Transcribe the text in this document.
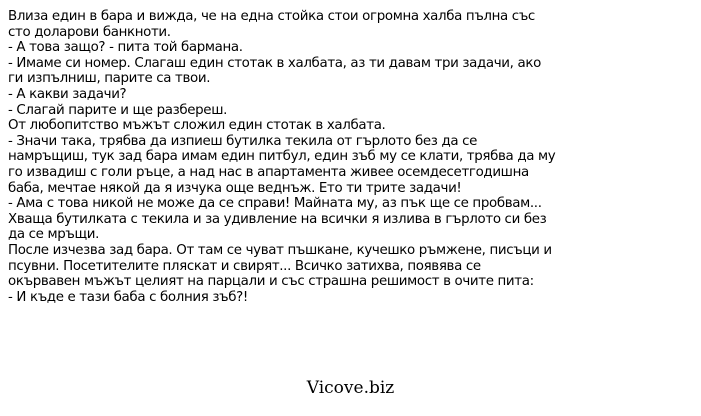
Влиза един в бара и вижда, че на една стойка стои огромна халба пълна със
сто доларови банкноти.
- А това защо? - пита той бармана.
- Имаме си номер. Слагаш един стотак в халбата, аз ти давам три задачи, ако
ги изпълниш, парите са твои.
- А какви задачи?
- Слагай парите и ще разбереш.
От любопитство мъжът сложил един стотак в халбата.
- Значи така, трябва да изпиеш бутилка текила от гърлото без да се
намръщиш, тук зад бара имам един питбул, един зъб му се клати, трябва да му
го извадиш с голи ръце, а над нас в апартамента живее осемдесетгодишна
баба, мечтае някой да я изчука още веднъж. Ето ти трите задачи!
- Ама с това никой не може да се справи! Майната му, аз пък ще се пробвам...
Хваща бутилката с текила и за удивление на всички я излива в гърлото си без
да се мръщи.
После изчезва зад бара. От там се чуват пъшкане, кучешко ръмжене, писъци и
псувни. Посетителите пляскат и свирят... Всичко затихва, появява се
окървавен мъжът целият на парцали и със страшна решимост в очите пита:
- И къде е тази баба с болния зъб?!
Vicove.biz
